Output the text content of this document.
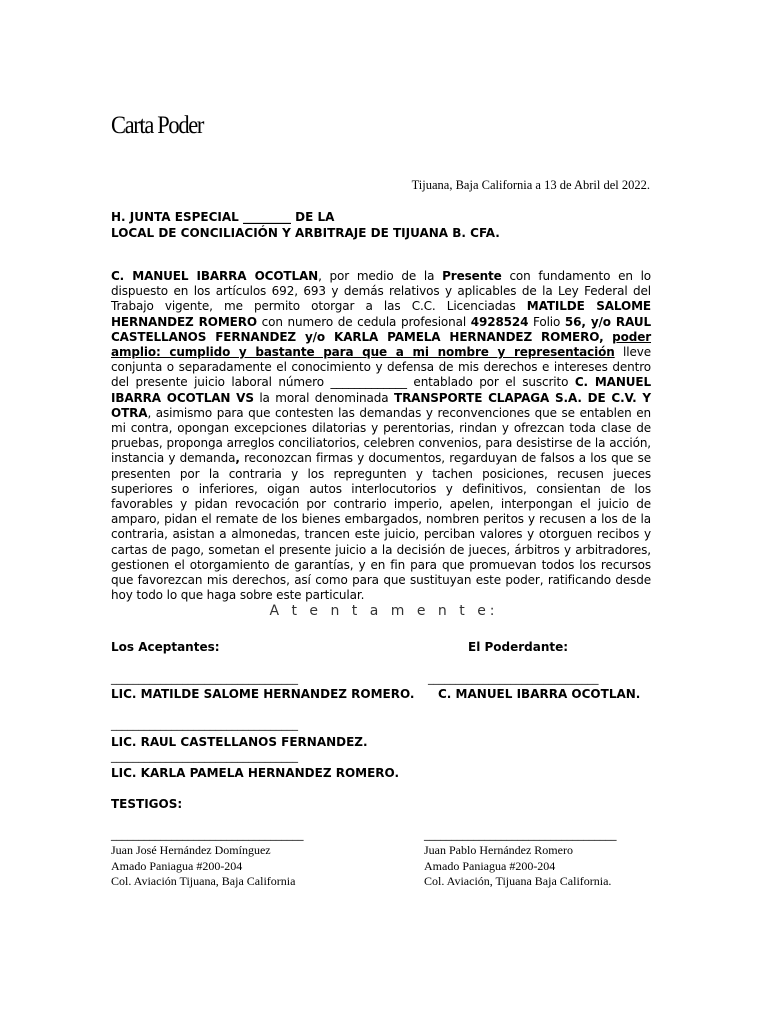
Carta Poder
Tijuana, Baja California a 13 de Abril del 2022.
H. JUNTA ESPECIAL ________ DE LA
LOCAL DE CONCILIACIÓN Y ARBITRAJE DE TIJUANA B. CFA.
C. MANUEL IBARRA OCOTLAN, por medio de la Presente con fundamento en lo dispuesto en los artículos 692, 693 y demás relativos y aplicables de la Ley Federal del Trabajo vigente, me permito otorgar a las C.C. Licenciadas MATILDE SALOME HERNANDEZ ROMERO con numero de cedula profesional 4928524 Folio 56, y/o RAUL CASTELLANOS FERNANDEZ y/o KARLA PAMELA HERNANDEZ ROMERO, poder amplio: cumplido y bastante para que a mi nombre y representación lleve conjunta o separadamente el conocimiento y defensa de mis derechos e intereses dentro del presente juicio laboral número _____________ entablado por el suscrito C. MANUEL IBARRA OCOTLAN VS la moral denominada TRANSPORTE CLAPAGA S.A. DE C.V. Y OTRA, asimismo para que contesten las demandas y reconvenciones que se entablen en mi contra, opongan excepciones dilatorias y perentorias, rindan y ofrezcan toda clase de pruebas, proponga arreglos conciliatorios, celebren convenios, para desistirse de la acción, instancia y demanda, reconozcan firmas y documentos, regarduyan de falsos a los que se presenten por la contraria y los repregunten y tachen posiciones, recusen jueces superiores o inferiores, oigan autos interlocutorios y definitivos, consientan de los favorables y pidan revocación por contrario imperio, apelen, interpongan el juicio de amparo, pidan el remate de los bienes embargados, nombren peritos y recusen a los de la contraria, asistan a almonedas, trancen este juicio, perciban valores y otorguen recibos y cartas de pago, sometan el presente juicio a la decisión de jueces, árbitros y arbitradores, gestionen el otorgamiento de garantías, y en fin para que promuevan todos los recursos que favorezcan mis derechos, así como para que sustituyan este poder, ratificando desde hoy todo lo que haga sobre este particular.
A t e n t a m e n t e:
Los Aceptantes:	El Poderdante:
__________________________________	_______________________________
LIC. MATILDE SALOME HERNANDEZ ROMERO. C. MANUEL IBARRA OCOTLAN.
__________________________________
LIC. RAUL CASTELLANOS FERNANDEZ.
__________________________________
LIC. KARLA PAMELA HERNANDEZ ROMERO.
TESTIGOS:
___________________________________	___________________________________
Juan José Hernández Domínguez
Amado Paniagua #200-204
Col. Aviación Tijuana, Baja California
Juan Pablo Hernández Romero
Amado Paniagua #200-204
Col. Aviación, Tijuana Baja California.
